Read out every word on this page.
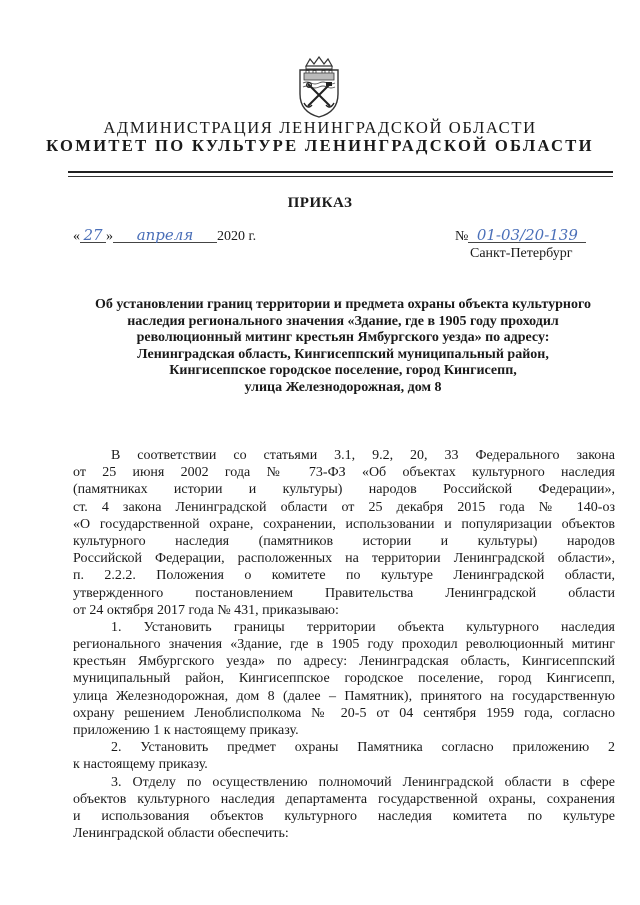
АДМИНИСТРАЦИЯ ЛЕНИНГРАДСКОЙ ОБЛАСТИ
КОМИТЕТ ПО КУЛЬТУРЕ ЛЕНИНГРАДСКОЙ ОБЛАСТИ
ПРИКАЗ
« 27 » апреля 2020 г.	№ 01-03/20-139
Санкт-Петербург
Об установлении границ территории и предмета охраны объекта культурного
наследия регионального значения «Здание, где в 1905 году проходил
революционный митинг крестьян Ямбургского уезда» по адресу:
Ленинградская область, Кингисеппский муниципальный район,
Кингисеппское городское поселение, город Кингисепп,
улица Железнодорожная, дом 8
В соответствии со статьями 3.1, 9.2, 20, 33 Федерального закона
от 25 июня 2002 года № 73-ФЗ «Об объектах культурного наследия
(памятниках истории и культуры) народов Российской Федерации»,
ст. 4 закона Ленинградской области от 25 декабря 2015 года № 140-оз
«О государственной охране, сохранении, использовании и популяризации объектов
культурного наследия (памятников истории и культуры) народов
Российской Федерации, расположенных на территории Ленинградской области»,
п. 2.2.2. Положения о комитете по культуре Ленинградской области,
утвержденного постановлением Правительства Ленинградской области
от 24 октября 2017 года № 431, приказываю:
1. Установить границы территории объекта культурного наследия
регионального значения «Здание, где в 1905 году проходил революционный митинг
крестьян Ямбургского уезда» по адресу: Ленинградская область, Кингисеппский
муниципальный район, Кингисеппское городское поселение, город Кингисепп,
улица Железнодорожная, дом 8 (далее – Памятник), принятого на государственную
охрану решением Леноблисполкома № 20-5 от 04 сентября 1959 года, согласно
приложению 1 к настоящему приказу.
2. Установить предмет охраны Памятника согласно приложению 2
к настоящему приказу.
3. Отделу по осуществлению полномочий Ленинградской области в сфере
объектов культурного наследия департамента государственной охраны, сохранения
и использования объектов культурного наследия комитета по культуре
Ленинградской области обеспечить:
